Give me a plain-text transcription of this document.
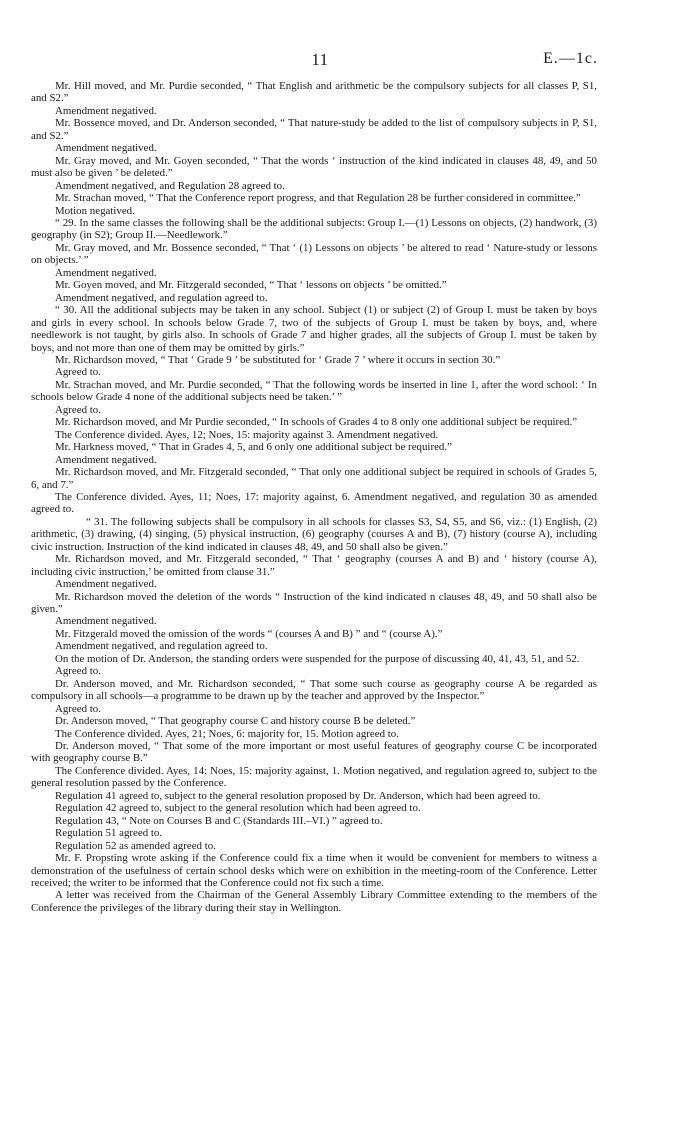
11	E.—1c.

Mr. Hill moved, and Mr. Purdie seconded, “ That English and arithmetic be the compulsory subjects for all classes P, S1, and S2.”

Amendment negatived.

Mr. Bossence moved, and Dr. Anderson seconded, “ That nature-study be added to the list of compulsory subjects in P, S1, and S2.”

Amendment negatived.

Mr. Gray moved, and Mr. Goyen seconded, “ That the words ‘ instruction of the kind indicated in clauses 48, 49, and 50 must also be given ’ be deleted.”

Amendment negatived, and Regulation 28 agreed to.

Mr. Strachan moved, “ That the Conference report progress, and that Regulation 28 be further considered in committee.”

Motion negatived.

“ 29. In the same classes the following shall be the additional subjects: Group I.—(1) Lessons on objects, (2) handwork, (3) geography (in S2); Group II.—Needlework.”

Mr. Gray moved, and Mr. Bossence seconded, “ That ‘ (1) Lessons on objects ’ be altered to read ‘ Nature-study or lessons on objects.’ ”

Amendment negatived.

Mr. Goyen moved, and Mr. Fitzgerald seconded, “ That ‘ lessons on objects ’ be omitted.”

Amendment negatived, and regulation agreed to.

“ 30. All the additional subjects may be taken in any school. Subject (1) or subject (2) of Group I. must be taken by boys and girls in every school. In schools below Grade 7, two of the subjects of Group I. must be taken by boys, and, where needlework is not taught, by girls also. In schools of Grade 7 and higher grades, all the subjects of Group I. must be taken by boys, and not more than one of them may be omitted by girls.”

Mr. Richardson moved, “ That ‘ Grade 9 ’ be substituted for ‘ Grade 7 ’ where it occurs in section 30.”

Agreed to.

Mr. Strachan moved, and Mr. Purdie seconded, “ That the following words be inserted in line 1, after the word school: ‘ In schools below Grade 4 none of the additional subjects need be taken.’ ”

Agreed to.

Mr. Richardson moved, and Mr Purdie seconded, “ In schools of Grades 4 to 8 only one additional subject be required.”

The Conference divided. Ayes, 12; Noes, 15: majority against 3. Amendment negatived.

Mr. Harkness moved, “ That in Grades 4, 5, and 6 only one additional subject be required.”

Amendment negatived.

Mr. Richardson moved, and Mr. Fitzgerald seconded, “ That only one additional subject be required in schools of Grades 5, 6, and 7.”

The Conference divided. Ayes, 11; Noes, 17: majority against, 6. Amendment negatived, and regulation 30 as amended agreed to.

“ 31. The following subjects shall be compulsory in all schools for classes S3, S4, S5, and S6, viz.: (1) English, (2) arithmetic, (3) drawing, (4) singing, (5) physical instruction, (6) geography (courses A and B), (7) history (course A), including civic instruction. Instruction of the kind indicated in clauses 48, 49, and 50 shall also be given.”

Mr. Richardson moved, and Mr. Fitzgerald seconded, “ That ‘ geography (courses A and B) and ‘ history (course A), including civic instruction,’ be omitted from clause 31.”

Amendment negatived.

Mr. Richardson moved the deletion of the words “ Instruction of the kind indicated n clauses 48, 49, and 50 shall also be given.”

Amendment negatived.

Mr. Fitzgerald moved the omission of the words “ (courses A and B) ” and “ (course A).”

Amendment negatived, and regulation agreed to.

On the motion of Dr. Anderson, the standing orders were suspended for the purpose of discussing 40, 41, 43, 51, and 52.

Agreed to.

Dr. Anderson moved, and Mr. Richardson seconded, “ That some such course as geography course A be regarded as compulsory in all schools—a programme to be drawn up by the teacher and approved by the Inspector.”

Agreed to.

Dr. Anderson moved, “ That geography course C and history course B be deleted.”

The Conference divided. Ayes, 21; Noes, 6: majority for, 15. Motion agreed to.

Dr. Anderson moved, “ That some of the more important or most useful features of geography course C be incorporated with geography course B.”

The Conference divided. Ayes, 14: Noes, 15: majority against, 1. Motion negatived, and regulation agreed to, subject to the general resolution passed by the Conference.

Regulation 41 agreed to, subject to the general resolution proposed by Dr. Anderson, which had been agreed to.

Regulation 42 agreed to, subject to the general resolution which had been agreed to.

Regulation 43, “ Note on Courses B and C (Standards III.–VI.) ” agreed to.

Regulation 51 agreed to.

Regulation 52 as amended agreed to.

Mr. F. Propsting wrote asking if the Conference could fix a time when it would be convenient for members to witness a demonstration of the usefulness of certain school desks which were on exhibition in the meeting-room of the Conference. Letter received; the writer to be informed that the Conference could not fix such a time.

A letter was received from the Chairman of the General Assembly Library Committee extending to the members of the Conference the privileges of the library during their stay in Wellington.
